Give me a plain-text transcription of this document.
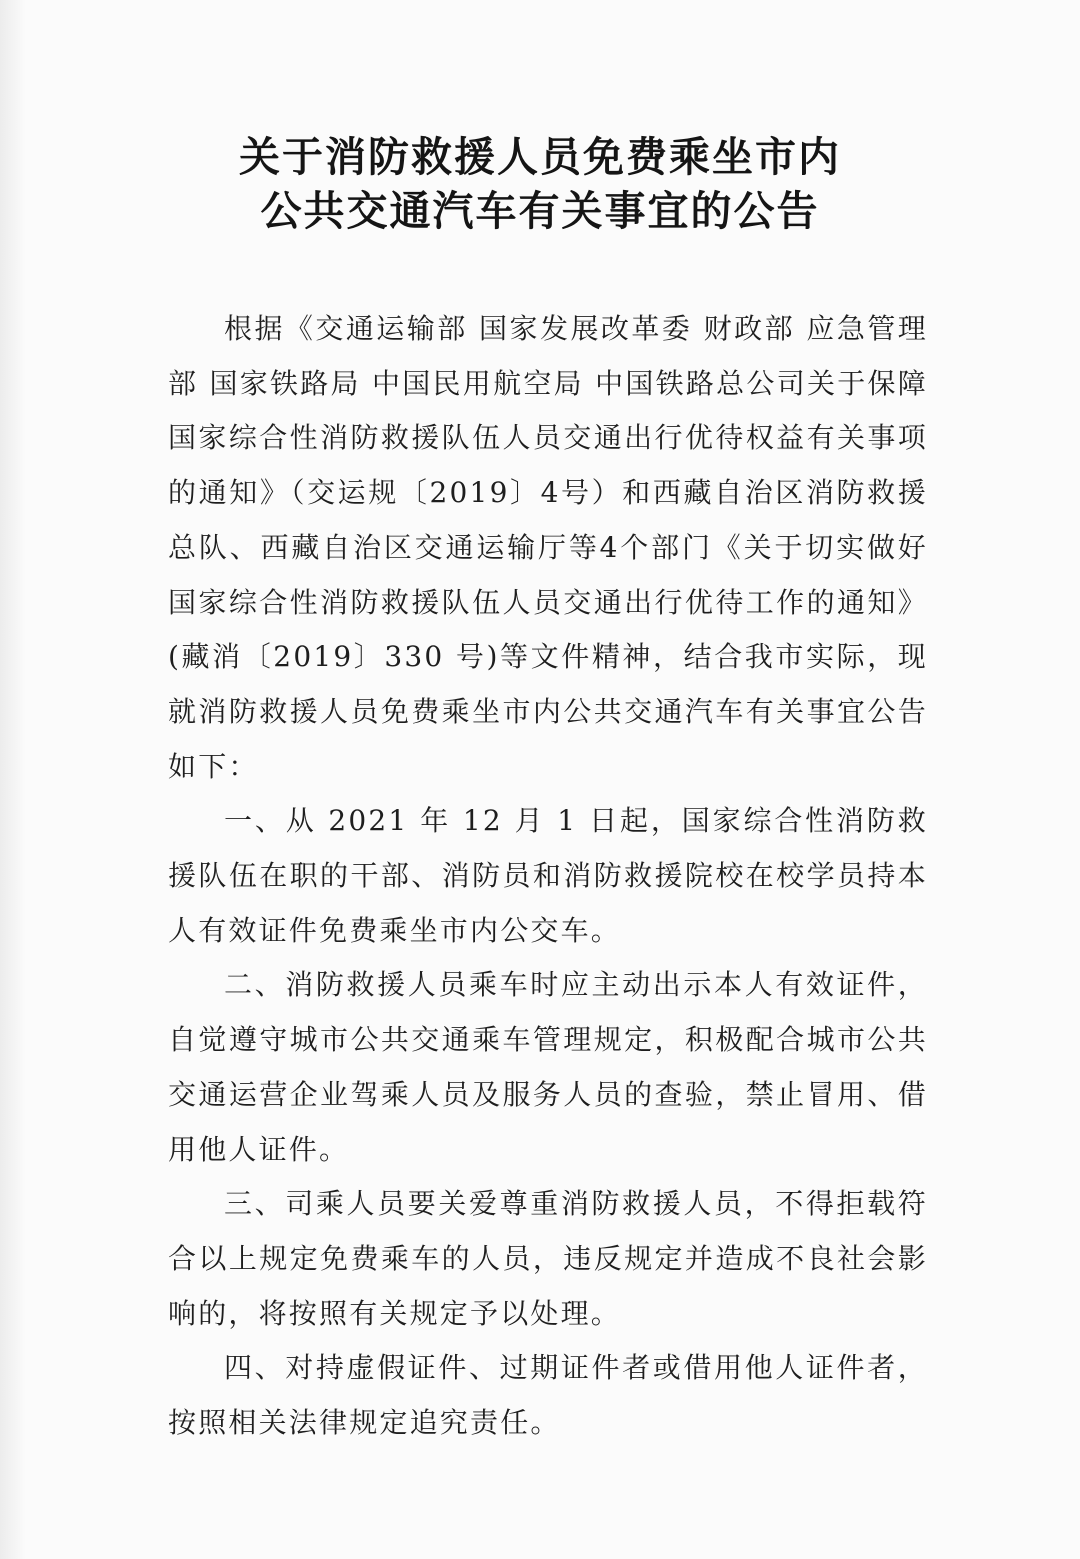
关于消防救援人员免费乘坐市内
公共交通汽车有关事宜的公告

根据《交通运输部 国家发展改革委 财政部 应急管理部 国家铁路局 中国民用航空局 中国铁路总公司关于保障国家综合性消防救援队伍人员交通出行优待权益有关事项的通知》（交运规〔2019〕4号）和西藏自治区消防救援总队、西藏自治区交通运输厅等4个部门《关于切实做好国家综合性消防救援队伍人员交通出行优待工作的通知》(藏消〔2019〕330 号)等文件精神，结合我市实际，现就消防救援人员免费乘坐市内公共交通汽车有关事宜公告如下：

一、从 2021 年 12 月 1 日起，国家综合性消防救援队伍在职的干部、消防员和消防救援院校在校学员持本人有效证件免费乘坐市内公交车。

二、消防救援人员乘车时应主动出示本人有效证件，自觉遵守城市公共交通乘车管理规定，积极配合城市公共交通运营企业驾乘人员及服务人员的查验，禁止冒用、借用他人证件。

三、司乘人员要关爱尊重消防救援人员，不得拒载符合以上规定免费乘车的人员，违反规定并造成不良社会影响的，将按照有关规定予以处理。

四、对持虚假证件、过期证件者或借用他人证件者，按照相关法律规定追究责任。
